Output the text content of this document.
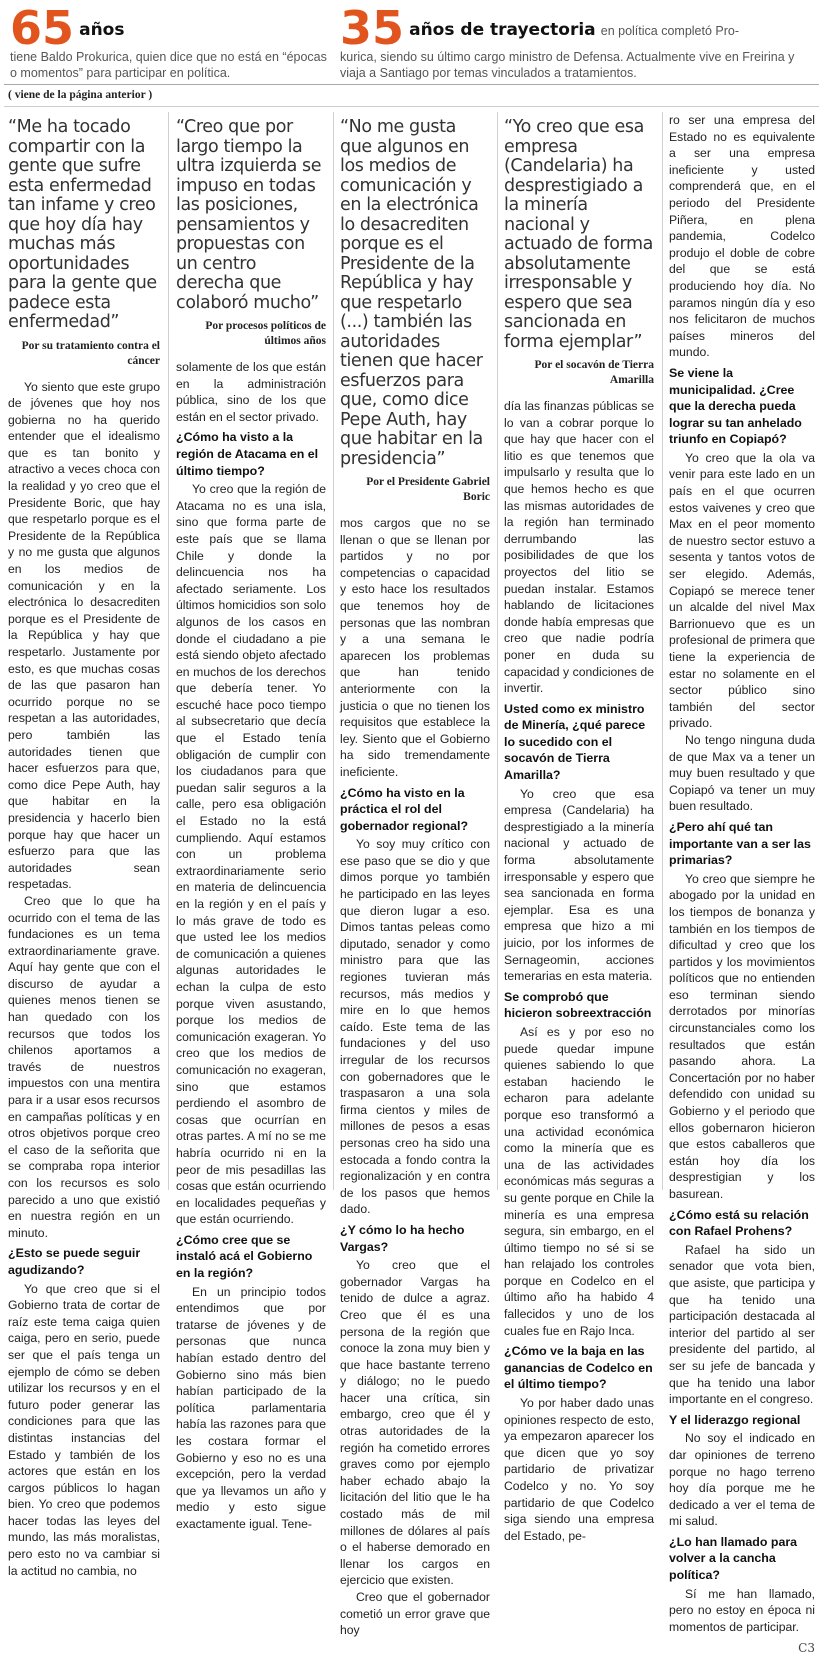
65 años
tiene Baldo Prokurica, quien dice que no está en “épocas o momentos” para participar en política.
35 años de trayectoria $_{en política completó Pro-}$
kurica, siendo su último cargo ministro de Defensa. Actualmente vive en Freirina y viaja a Santiago por temas vinculados a tratamientos.
( viene de la página anterior )
“Me ha tocado compartir con la gente que sufre esta enfermedad tan infame y creo que hoy día hay muchas más oportunidades para la gente que padece esta enfermedad”
Por su tratamiento contra el cáncer

Yo siento que este grupo de jóvenes que hoy nos gobierna no ha querido entender que el idealismo que es tan bonito y atractivo a veces choca con la realidad y yo creo que el Presidente Boric, que hay que respetarlo porque es el Presidente de la República y no me gusta que algunos en los medios de comunicación y en la electrónica lo desacrediten porque es el Presidente de la República y hay que respetarlo. Justamente por esto, es que muchas cosas de las que pasaron han ocurrido porque no se respetan a las autoridades, pero también las autoridades tienen que hacer esfuerzos para que, como dice Pepe Auth, hay que habitar en la presidencia y hacerlo bien porque hay que hacer un esfuerzo para que las autoridades sean respetadas.

Creo que lo que ha ocurrido con el tema de las fundaciones es un tema extraordinariamente grave. Aquí hay gente que con el discurso de ayudar a quienes menos tienen se han quedado con los recursos que todos los chilenos aportamos a través de nuestros impuestos con una mentira para ir a usar esos recursos en campañas políticas y en otros objetivos porque creo el caso de la señorita que se compraba ropa interior con los recursos es solo parecido a uno que existió en nuestra región en un minuto.

¿Esto se puede seguir agudizando?

Yo que creo que si el Gobierno trata de cortar de raíz este tema caiga quien caiga, pero en serio, puede ser que el país tenga un ejemplo de cómo se deben utilizar los recursos y en el futuro poder generar las condiciones para que las distintas instancias del Estado y también de los actores que están en los cargos públicos lo hagan bien. Yo creo que podemos hacer todas las leyes del mundo, las más moralistas, pero esto no va cambiar si la actitud no cambia, no

“Creo que por largo tiempo la ultra izquierda se impuso en todas las posiciones, pensamientos y propuestas con un centro derecha que colaboró mucho”
Por procesos políticos de últimos años

solamente de los que están en la administración pública, sino de los que están en el sector privado.

¿Cómo ha visto a la región de Atacama en el último tiempo?

Yo creo que la región de Atacama no es una isla, sino que forma parte de este país que se llama Chile y donde la delincuencia nos ha afectado seriamente. Los últimos homicidios son solo algunos de los casos en donde el ciudadano a pie está siendo objeto afectado en muchos de los derechos que debería tener. Yo escuché hace poco tiempo al subsecretario que decía que el Estado tenía obligación de cumplir con los ciudadanos para que puedan salir seguros a la calle, pero esa obligación el Estado no la está cumpliendo. Aquí estamos con un problema extraordinariamente serio en materia de delincuencia en la región y en el país y lo más grave de todo es que usted lee los medios de comunicación a quienes algunas autoridades le echan la culpa de esto porque viven asustando, porque los medios de comunicación exageran. Yo creo que los medios de comunicación no exageran, sino que estamos perdiendo el asombro de cosas que ocurrían en otras partes. A mí no se me habría ocurrido ni en la peor de mis pesadillas las cosas que están ocurriendo en localidades pequeñas y que están ocurriendo.

¿Cómo cree que se instaló acá el Gobierno en la región?

En un principio todos entendimos que por tratarse de jóvenes y de personas que nunca habían estado dentro del Gobierno sino más bien habían participado de la política parlamentaria había las razones para que les costara formar el Gobierno y eso no es una excepción, pero la verdad que ya llevamos un año y medio y esto sigue exactamente igual. Tene-

“No me gusta que algunos en los medios de comunicación y en la electrónica lo desacrediten porque es el Presidente de la República y hay que respetarlo (...) también las autoridades tienen que hacer esfuerzos para que, como dice Pepe Auth, hay que habitar en la presidencia”
Por el Presidente Gabriel Boric

mos cargos que no se llenan o que se llenan por partidos y no por competencias o capacidad y esto hace los resultados que tenemos hoy de personas que las nombran y a una semana le aparecen los problemas que han tenido anteriormente con la justicia o que no tienen los requisitos que establece la ley. Siento que el Gobierno ha sido tremendamente ineficiente.

¿Cómo ha visto en la práctica el rol del gobernador regional?

Yo soy muy crítico con ese paso que se dio y que dimos porque yo también he participado en las leyes que dieron lugar a eso. Dimos tantas peleas como diputado, senador y como ministro para que las regiones tuvieran más recursos, más medios y mire en lo que hemos caído. Este tema de las fundaciones y del uso irregular de los recursos con gobernadores que le traspasaron a una sola firma cientos y miles de millones de pesos a esas personas creo ha sido una estocada a fondo contra la regionalización y en contra de los pasos que hemos dado.

¿Y cómo lo ha hecho Vargas?

Yo creo que el gobernador Vargas ha tenido de dulce a agraz. Creo que él es una persona de la región que conoce la zona muy bien y que hace bastante terreno y diálogo; no le puedo hacer una crítica, sin embargo, creo que él y otras autoridades de la región ha cometido errores graves como por ejemplo haber echado abajo la licitación del litio que le ha costado más de mil millones de dólares al país o el haberse demorado en llenar los cargos en ejercicio que existen.

Creo que el gobernador cometió un error grave que hoy

“Yo creo que esa empresa (Candelaria) ha desprestigiado a la minería nacional y actuado de forma absolutamente irresponsable y espero que sea sancionada en forma ejemplar”
Por el socavón de Tierra Amarilla

día las finanzas públicas se lo van a cobrar porque lo que hay que hacer con el litio es que tenemos que impulsarlo y resulta que lo que hemos hecho es que las mismas autoridades de la región han terminado derrumbando las posibilidades de que los proyectos del litio se puedan instalar. Estamos hablando de licitaciones donde había empresas que creo que nadie podría poner en duda su capacidad y condiciones de invertir.

Usted como ex ministro de Minería, ¿qué parece lo sucedido con el socavón de Tierra Amarilla?

Yo creo que esa empresa (Candelaria) ha desprestigiado a la minería nacional y actuado de forma absolutamente irresponsable y espero que sea sancionada en forma ejemplar. Esa es una empresa que hizo a mi juicio, por los informes de Sernageomin, acciones temerarias en esta materia.

Se comprobó que hicieron sobreextracción

Así es y por eso no puede quedar impune quienes sabiendo lo que estaban haciendo le echaron para adelante porque eso transformó a una actividad económica como la minería que es una de las actividades económicas más seguras a su gente porque en Chile la minería es una empresa segura, sin embargo, en el último tiempo no sé si se han relajado los controles porque en Codelco en el último año ha habido 4 fallecidos y uno de los cuales fue en Rajo Inca.

¿Cómo ve la baja en las ganancias de Codelco en el último tiempo?

Yo por haber dado unas opiniones respecto de esto, ya empezaron aparecer los que dicen que yo soy partidario de privatizar Codelco y no. Yo soy partidario de que Codelco siga siendo una empresa del Estado, pe-

ro ser una empresa del Estado no es equivalente a ser una empresa ineficiente y usted comprenderá que, en el periodo del Presidente Piñera, en plena pandemia, Codelco produjo el doble de cobre del que se está produciendo hoy día. No paramos ningún día y eso nos felicitaron de muchos países mineros del mundo.

Se viene la municipalidad. ¿Cree que la derecha pueda lograr su tan anhelado triunfo en Copiapó?

Yo creo que la ola va venir para este lado en un país en el que ocurren estos vaivenes y creo que Max en el peor momento de nuestro sector estuvo a sesenta y tantos votos de ser elegido. Además, Copiapó se merece tener un alcalde del nivel Max Barrionuevo que es un profesional de primera que tiene la experiencia de estar no solamente en el sector público sino también del sector privado.

No tengo ninguna duda de que Max va a tener un muy buen resultado y que Copiapó va tener un muy buen resultado.

¿Pero ahí qué tan importante van a ser las primarias?

Yo creo que siempre he abogado por la unidad en los tiempos de bonanza y también en los tiempos de dificultad y creo que los partidos y los movimientos políticos que no entienden eso terminan siendo derrotados por minorías circunstanciales como los resultados que están pasando ahora. La Concertación por no haber defendido con unidad su Gobierno y el periodo que ellos gobernaron hicieron que estos caballeros que están hoy día los desprestigian y los basurean.

¿Cómo está su relación con Rafael Prohens?

Rafael ha sido un senador que vota bien, que asiste, que participa y que ha tenido una participación destacada al interior del partido al ser presidente del partido, al ser su jefe de bancada y que ha tenido una labor importante en el congreso.

Y el liderazgo regional

No soy el indicado en dar opiniones de terreno porque no hago terreno hoy día porque me he dedicado a ver el tema de mi salud.

¿Lo han llamado para volver a la cancha política?

Sí me han llamado, pero no estoy en época ni momentos de participar.

C3
